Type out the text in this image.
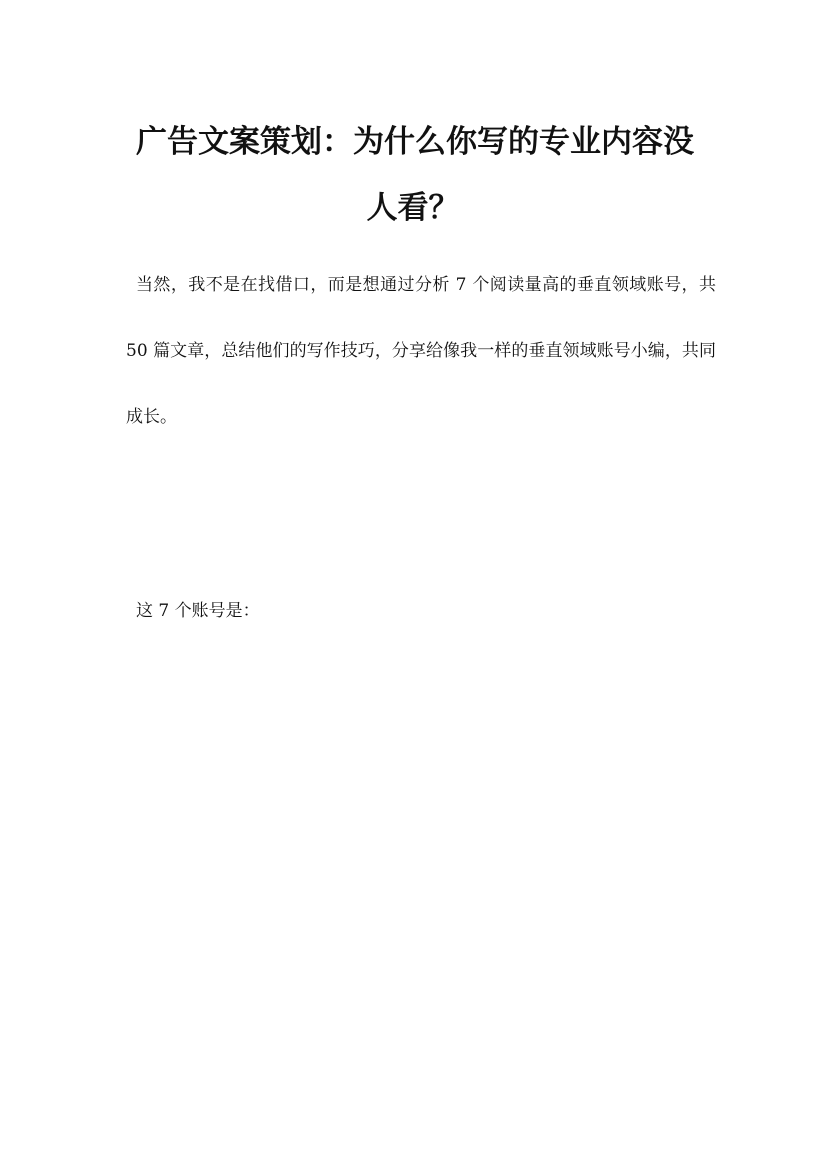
广告文案策划：为什么你写的专业内容没
人看？

当然，我不是在找借口，而是想通过分析 7 个阅读量高的垂直领域账号，共 50 篇文章，总结他们的写作技巧，分享给像我一样的垂直领域账号小编，共同成长。

这 7 个账号是：
